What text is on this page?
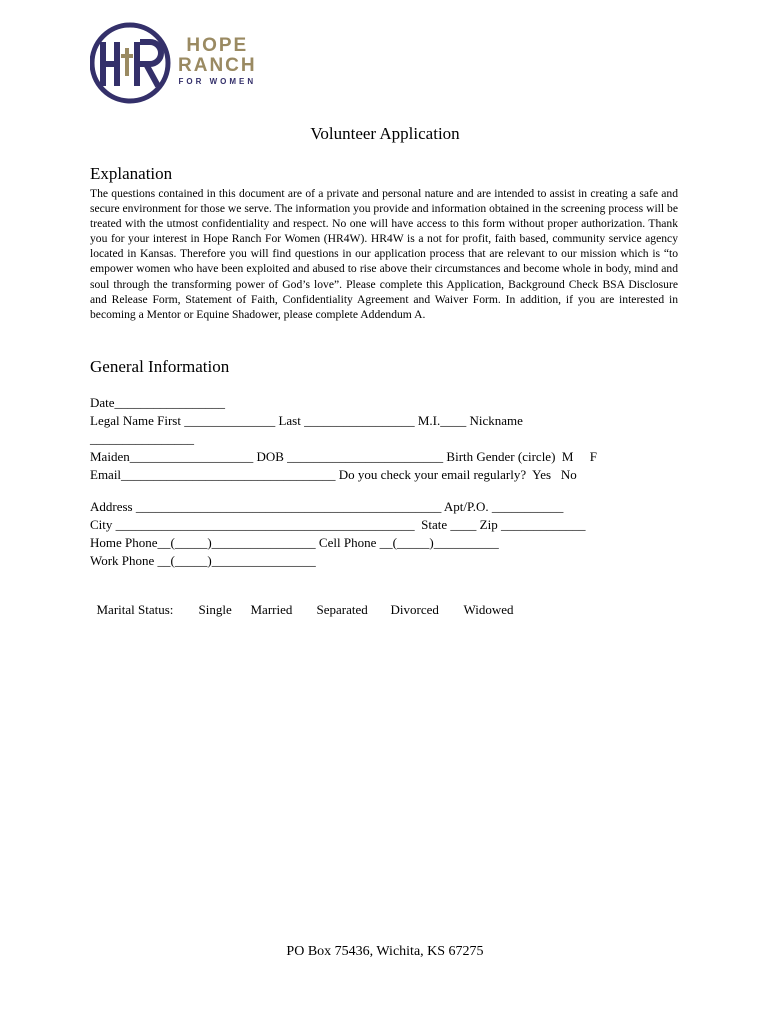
HOPE
RANCH
FOR WOMEN
Volunteer Application
Explanation
The questions contained in this document are of a private and personal nature and are intended to assist in creating a safe and secure environment for those we serve. The information you provide and information obtained in the screening process will be treated with the utmost confidentiality and respect. No one will have access to this form without proper authorization. Thank you for your interest in Hope Ranch For Women (HR4W). HR4W is a not for profit, faith based, community service agency located in Kansas. Therefore you will find questions in our application process that are relevant to our mission which is “to empower women who have been exploited and abused to rise above their circumstances and become whole in body, mind and soul through the transforming power of God’s love”. Please complete this Application, Background Check BSA Disclosure and Release Form, Statement of Faith, Confidentiality Agreement and Waiver Form. In addition, if you are interested in becoming a Mentor or Equine Shadower, please complete Addendum A.
General Information
Date_________________
Legal Name First ______________ Last _________________ M.I.____ Nickname
________________
Maiden___________________ DOB ________________________ Birth Gender (circle)  M     F
Email_________________________________ Do you check your email regularly?  Yes   No
Address _______________________________________________ Apt/P.O. ___________
City ______________________________________________  State ____ Zip _____________
Home Phone__(_____)________________ Cell Phone __(_____)__________
Work Phone __(_____)________________

Marital Status: Single Married Separated Divorced Widowed

PO Box 75436, Wichita, KS 67275
